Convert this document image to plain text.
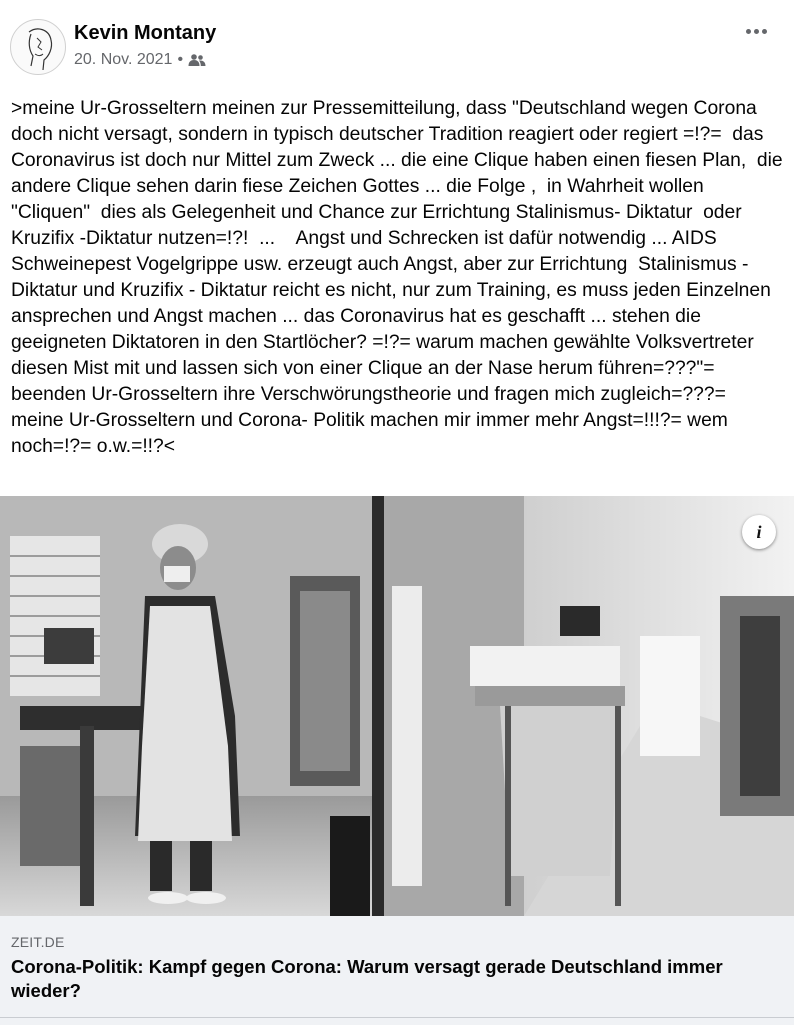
Kevin Montany
20. Nov. 2021 •

>meine Ur-Grosseltern meinen zur Pressemitteilung, dass "Deutschland wegen Corona doch nicht versagt, sondern in typisch deutscher Tradition reagiert oder regiert =!?=  das Coronavirus ist doch nur Mittel zum Zweck ... die eine Clique haben einen fiesen Plan,  die andere Clique sehen darin fiese Zeichen Gottes ... die Folge ,  in Wahrheit wollen  "Cliquen"  dies als Gelegenheit und Chance zur Errichtung Stalinismus- Diktatur  oder Kruzifix -Diktatur nutzen=!?!  ...    Angst und Schrecken ist dafür notwendig ... AIDS Schweinepest Vogelgrippe usw. erzeugt auch Angst, aber zur Errichtung  Stalinismus -Diktatur und Kruzifix - Diktatur reicht es nicht, nur zum Training, es muss jeden Einzelnen ansprechen und Angst machen ... das Coronavirus hat es geschafft ... stehen die geeigneten Diktatoren in den Startlöcher? =!?= warum machen gewählte Volksvertreter diesen Mist mit und lassen sich von einer Clique an der Nase herum führen=???"= beenden Ur-Grosseltern ihre Verschwörungstheorie und fragen mich zugleich=???= meine Ur-Grosseltern und Corona- Politik machen mir immer mehr Angst=!!!?= wem noch=!?= o.w.=!!?<

i
ZEIT.DE
Corona-Politik: Kampf gegen Corona: Warum versagt gerade Deutschland immer wieder?
